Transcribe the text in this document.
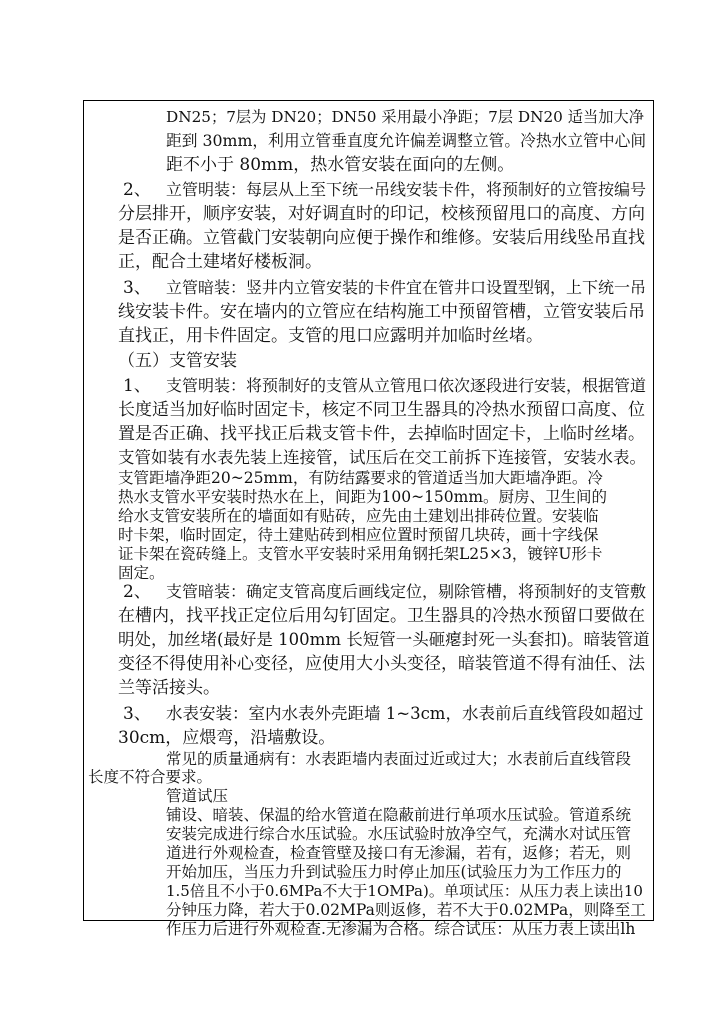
DN25；7层为 DN20；DN50 采用最小净距；7层 DN20 适当加大净
距到 30mm，利用立管垂直度允许偏差调整立管。冷热水立管中心间
距不小于 80mm，热水管安装在面向的左侧。
2、 立管明装：每层从上至下统一吊线安装卡件，将预制好的立管按编号
分层排开，顺序安装，对好调直时的印记，校核预留甩口的高度、方向
是否正确。立管截门安装朝向应便于操作和维修。安装后用线坠吊直找
正，配合土建堵好楼板洞。
3、 立管暗装：竖井内立管安装的卡件宜在管井口设置型钢，上下统一吊
线安装卡件。安在墙内的立管应在结构施工中预留管槽，立管安装后吊
直找正，用卡件固定。支管的甩口应露明并加临时丝堵。
（五）支管安装
1、 支管明装：将预制好的支管从立管甩口依次逐段进行安装，根据管道
长度适当加好临时固定卡，核定不同卫生器具的冷热水预留口高度、位
置是否正确、找平找正后栽支管卡件，去掉临时固定卡，上临时丝堵。
支管如装有水表先装上连接管，试压后在交工前拆下连接管，安装水表。
支管距墙净距20~25mm，有防结露要求的管道适当加大距墙净距。冷
热水支管水平安装时热水在上，间距为100~150mm。厨房、卫生间的
给水支管安装所在的墙面如有贴砖，应先由土建划出排砖位置。安装临
时卡架，临时固定，待土建贴砖到相应位置时预留几块砖，画十字线保
证卡架在瓷砖缝上。支管水平安装时采用角钢托架L25×3，镀锌U形卡
固定。
2、 支管暗装：确定支管高度后画线定位，剔除管槽，将预制好的支管敷
在槽内，找平找正定位后用勾钉固定。卫生器具的冷热水预留口要做在
明处，加丝堵(最好是 100mm 长短管一头砸瘪封死一头套扣)。暗装管道
变径不得使用补心变径，应使用大小头变径，暗装管道不得有油任、法
兰等活接头。
3、 水表安装：室内水表外壳距墙 1~3cm，水表前后直线管段如超过
30cm，应煨弯，沿墙敷设。
常见的质量通病有：水表距墙内表面过近或过大；水表前后直线管段
长度不符合要求。
管道试压
铺设、暗装、保温的给水管道在隐蔽前进行单项水压试验。管道系统
安装完成进行综合水压试验。水压试验时放净空气，充满水对试压管
道进行外观检查，检查管壁及接口有无渗漏，若有，返修；若无，则
开始加压，当压力升到试验压力时停止加压(试验压力为工作压力的
1.5倍且不小于0.6MPa不大于1OMPa)。单项试压：从压力表上读出10
分钟压力降，若大于0.02MPa则返修，若不大于0.02MPa，则降至工
作压力后进行外观检查.无渗漏为合格。综合试压：从压力表上读出lh
